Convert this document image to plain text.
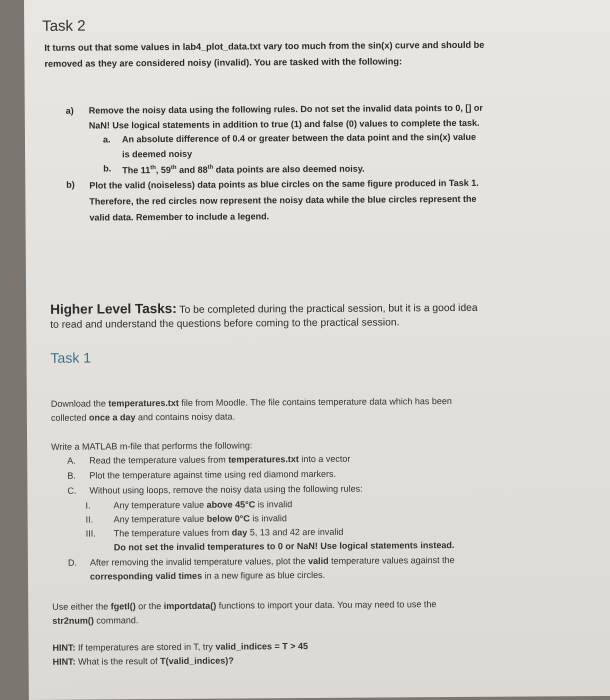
Task 2
It turns out that some values in lab4_plot_data.txt vary too much from the sin(x) curve and should be
removed as they are considered noisy (invalid). You are tasked with the following:
a) Remove the noisy data using the following rules. Do not set the invalid data points to 0, [] or
NaN! Use logical statements in addition to true (1) and false (0) values to complete the task.
a. An absolute difference of 0.4 or greater between the data point and the sin(x) value
is deemed noisy
b. The 11th, 59th and 88th data points are also deemed noisy.
b) Plot the valid (noiseless) data points as blue circles on the same figure produced in Task 1.
Therefore, the red circles now represent the noisy data while the blue circles represent the
valid data. Remember to include a legend.
Higher Level Tasks: To be completed during the practical session, but it is a good idea
to read and understand the questions before coming to the practical session.
Task 1
Download the temperatures.txt file from Moodle. The file contains temperature data which has been
collected once a day and contains noisy data.
Write a MATLAB m-file that performs the following:
A. Read the temperature values from temperatures.txt into a vector
B. Plot the temperature against time using red diamond markers.
C. Without using loops, remove the noisy data using the following rules:
I.	Any temperature value above 45°C is invalid
II. Any temperature value below 0°C is invalid
III. The temperature values from day 5, 13 and 42 are invalid
Do not set the invalid temperatures to 0 or NaN! Use logical statements instead.
D. After removing the invalid temperature values, plot the valid temperature values against the
corresponding valid times in a new figure as blue circles.
Use either the fgetl() or the importdata() functions to import your data. You may need to use the
str2num() command.
HINT: If temperatures are stored in T, try valid_indices = T > 45
HINT: What is the result of T(valid_indices)?
